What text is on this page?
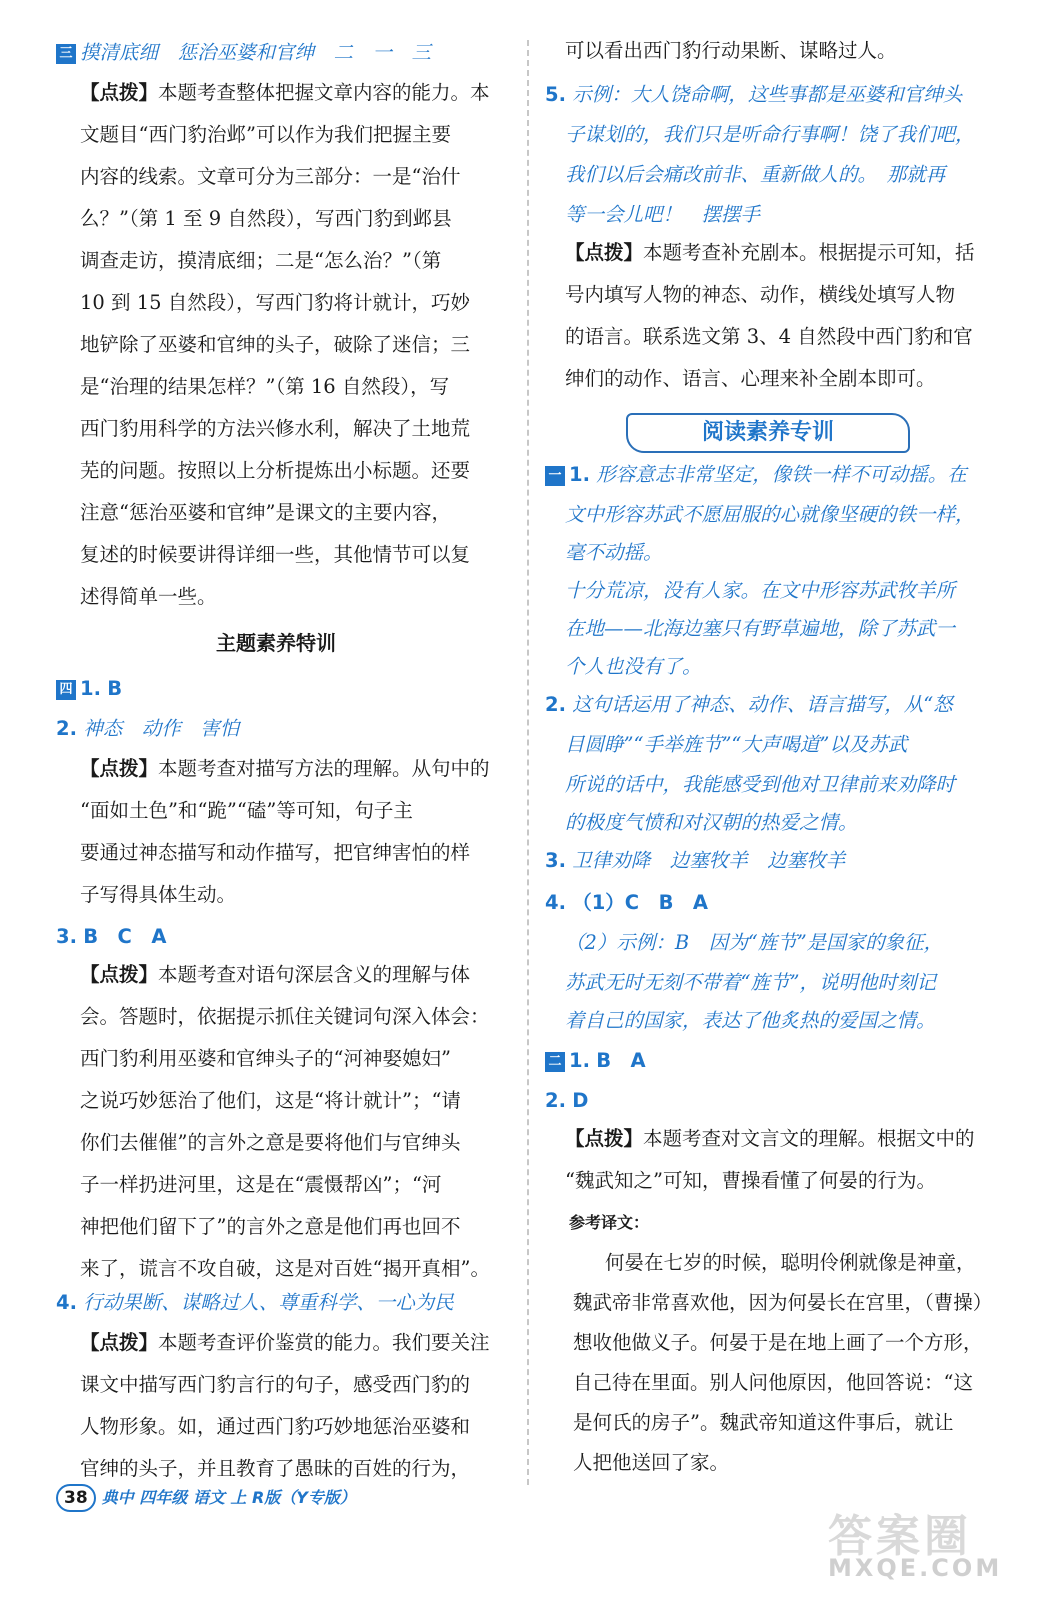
三 摸清底细　惩治巫婆和官绅　二　一　三
【点拨】本题考查整体把握文章内容的能力。本
文题目“西门豹治邺”可以作为我们把握主要
内容的线索。文章可分为三部分：一是“治什
么？”（第 1 至 9 自然段），写西门豹到邺县
调查走访，摸清底细；二是“怎么治？”（第
10 到 15 自然段），写西门豹将计就计，巧妙
地铲除了巫婆和官绅的头子，破除了迷信；三
是“治理的结果怎样？”（第 16 自然段），写
西门豹用科学的方法兴修水利，解决了土地荒
芜的问题。按照以上分析提炼出小标题。还要
注意“惩治巫婆和官绅”是课文的主要内容，
复述的时候要讲得详细一些，其他情节可以复
述得简单一些。
主题素养特训
四 1. B
2. 神态　动作　害怕
【点拨】本题考查对描写方法的理解。从句中的
“面如土色”和“跪”“磕”等可知，句子主
要通过神态描写和动作描写，把官绅害怕的样
子写得具体生动。
3. B　C　A
【点拨】本题考查对语句深层含义的理解与体
会。答题时，依据提示抓住关键词句深入体会：
西门豹利用巫婆和官绅头子的“河神娶媳妇”
之说巧妙惩治了他们，这是“将计就计”；“请
你们去催催”的言外之意是要将他们与官绅头
子一样扔进河里，这是在“震慑帮凶”；“河
神把他们留下了”的言外之意是他们再也回不
来了，谎言不攻自破，这是对百姓“揭开真相”。
4. 行动果断、谋略过人、尊重科学、一心为民
【点拨】本题考查评价鉴赏的能力。我们要关注
课文中描写西门豹言行的句子，感受西门豹的
人物形象。如，通过西门豹巧妙地惩治巫婆和
官绅的头子，并且教育了愚昧的百姓的行为，
可以看出西门豹行动果断、谋略过人。
5. 示例：大人饶命啊，这些事都是巫婆和官绅头
子谋划的，我们只是听命行事啊！饶了我们吧，
我们以后会痛改前非、重新做人的。　那就再
等一会儿吧！　摆摆手
【点拨】本题考查补充剧本。根据提示可知，括
号内填写人物的神态、动作，横线处填写人物
的语言。联系选文第 3、4 自然段中西门豹和官
绅们的动作、语言、心理来补全剧本即可。
阅读素养专训
一 1. 形容意志非常坚定，像铁一样不可动摇。在
文中形容苏武不愿屈服的心就像坚硬的铁一样，
毫不动摇。
十分荒凉，没有人家。在文中形容苏武牧羊所
在地——北海边塞只有野草遍地，除了苏武一
个人也没有了。
2. 这句话运用了神态、动作、语言描写，从“怒
目圆睁”“手举旌节”“大声喝道”以及苏武
所说的话中，我能感受到他对卫律前来劝降时
的极度气愤和对汉朝的热爱之情。
3. 卫律劝降　边塞牧羊　边塞牧羊
4. （1）C　B　A
（2）示例：B　因为“旌节”是国家的象征，
苏武无时无刻不带着“旌节”，说明他时刻记
着自己的国家，表达了他炙热的爱国之情。
二 1. B　A
2. D
【点拨】本题考查对文言文的理解。根据文中的
“魏武知之”可知，曹操看懂了何晏的行为。
参考译文：
何晏在七岁的时候，聪明伶俐就像是神童，
魏武帝非常喜欢他，因为何晏长在宫里，（曹操）
想收他做义子。何晏于是在地上画了一个方形，
自己待在里面。别人问他原因，他回答说：“这
是何氏的房子”。魏武帝知道这件事后，就让
人把他送回了家。
38 典中 四年级 语文 上 R版（Y专版）
答案圈
MXQE.COM
